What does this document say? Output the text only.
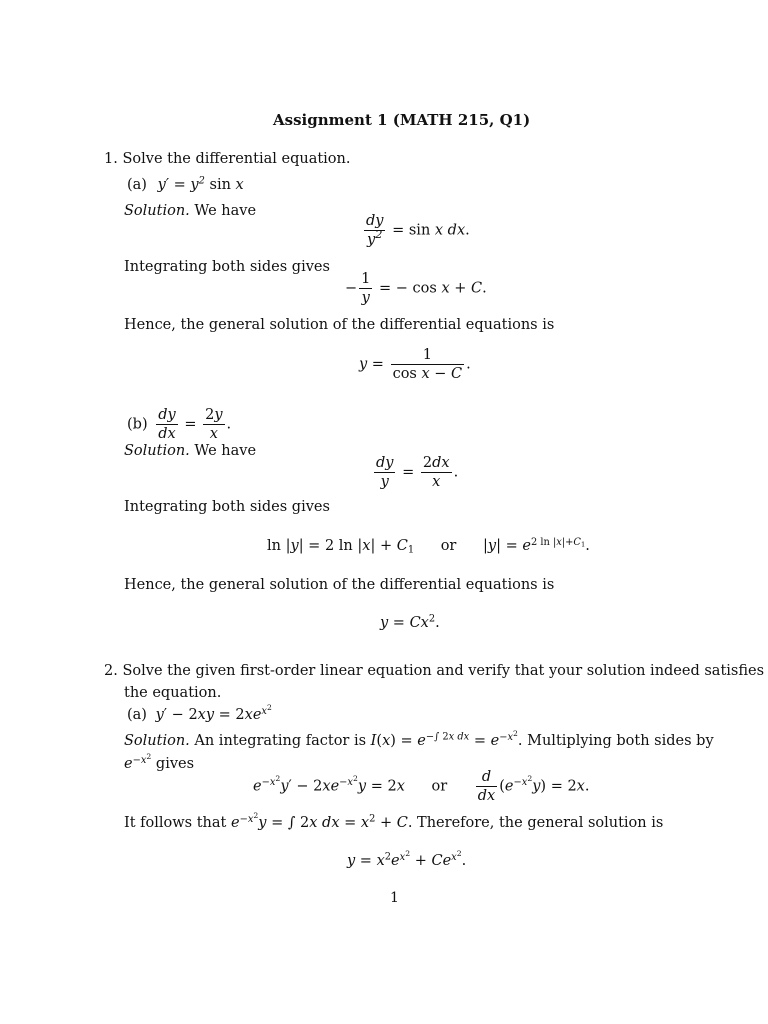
Assignment 1 (MATH 215, Q1)
1. Solve the differential equation.
(a) $y' = y^2$ sin x
Solution. We have
$\frac{dy}{y^2} = \sin x$ dx.
Integrating both sides gives
− $\frac{1}{y}$ = − cos x + C.
Hence, the general solution of the differential equations is
$y = \frac{1}{\text{cos x − C}}$ .
$(b) \frac{dy}{dx} = \frac{2y}{x}$ .
Solution. We have
$\frac{dy}{y} = \frac{2dx}{x}$ .
Integrating both sides gives
ln |y| = 2 $\ln |x| + C_1$ or $|y| = e^{2 ln |x|+C_1}$.
Hence, the general solution of the differential equations is
$y = Cx^2$.
2. Solve the given first-order linear equation and verify that your solution indeed satisfies
the equation.
(a) $y' - 2xy = 2xe^{x^2}$
Solution. An integrating factor is $I(x) = e^{-\int 2x dx} = e^{-x^2}$. Multiplying both sides by
$e^{-x^2}$ gives
$e^{-x^2}y' - 2xe^{-x^2}y = 2x$ or $\frac{d}{dx} (e^{-x^2}y) = 2x$.
It follows that $e^{-x^2}y$ = ∫ 2x dx = $x^2 + C$. Therefore, the general solution is
$y = x^2e^{x^2} + Ce^{x^2}$.
1
